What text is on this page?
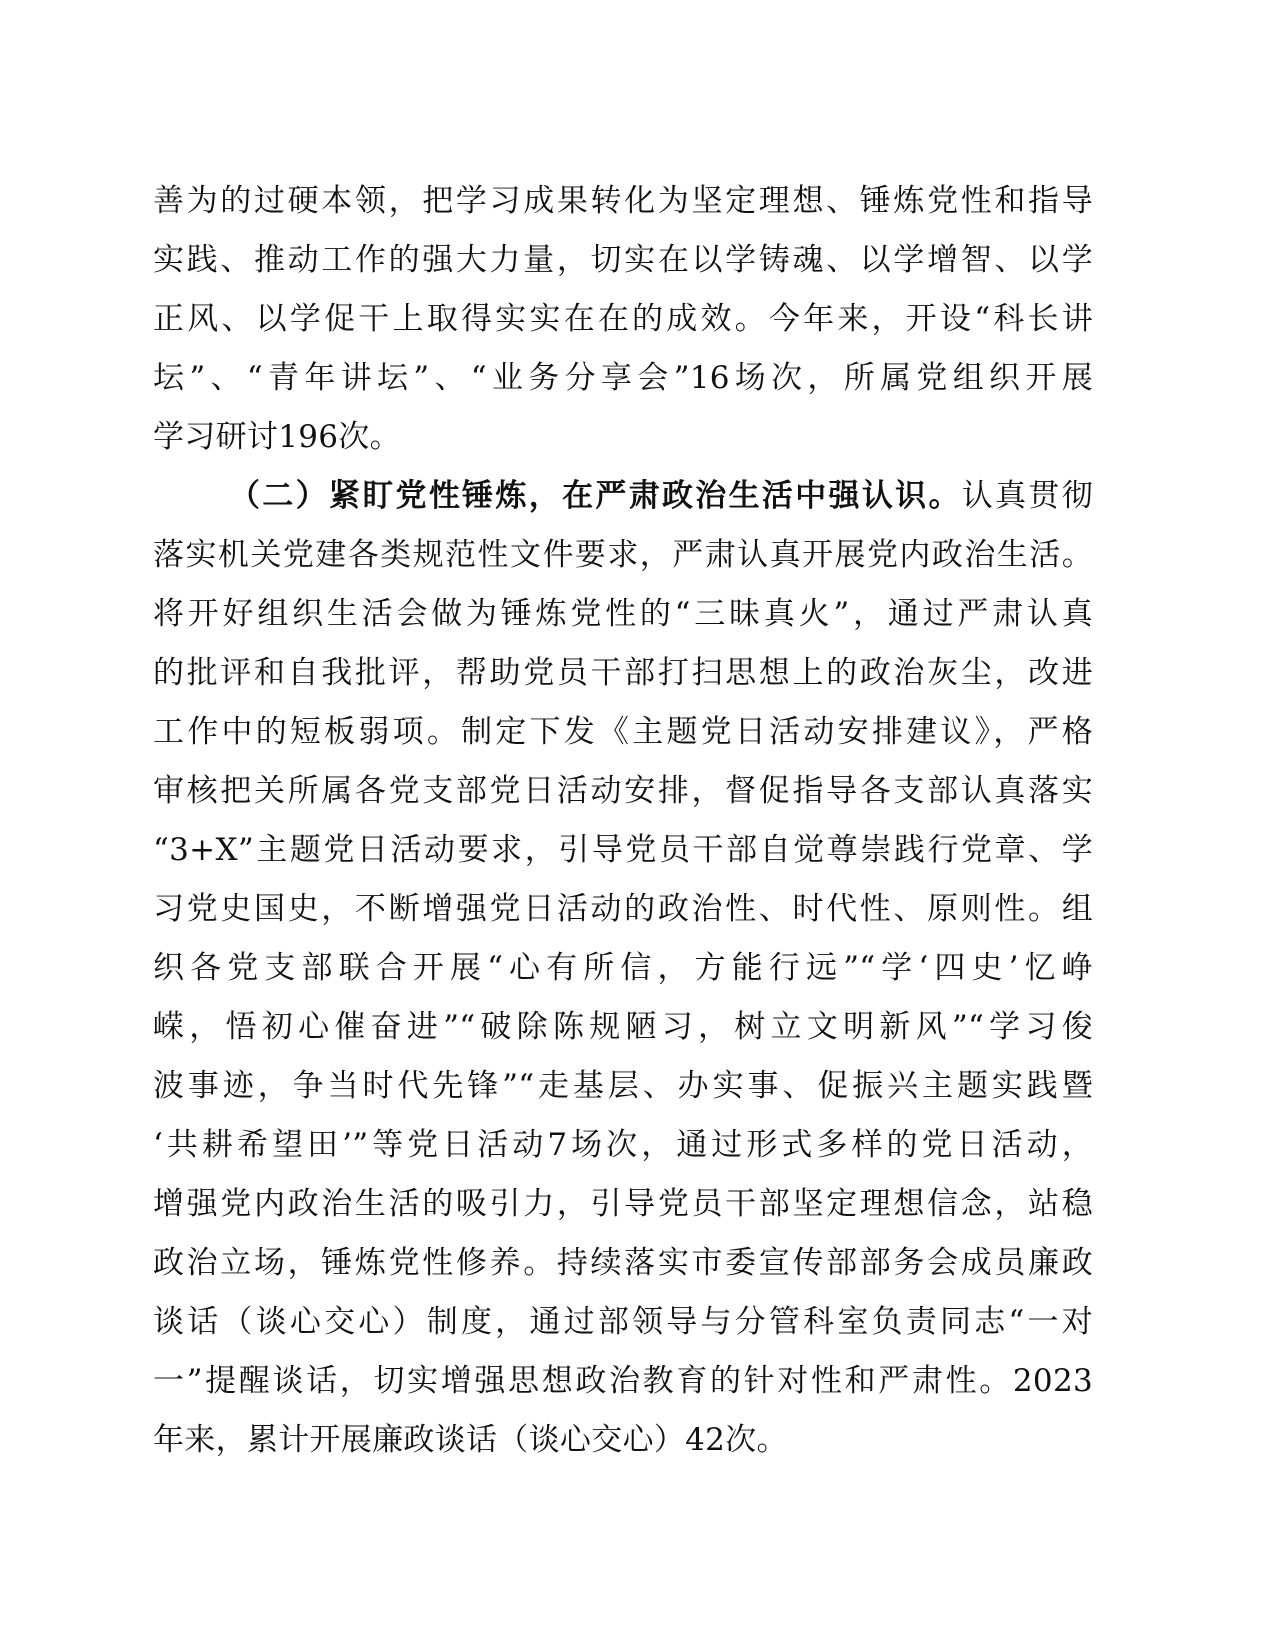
善为的过硬本领，把学习成果转化为坚定理想、锤炼党性和指导
实践、推动工作的强大力量，切实在以学铸魂、以学增智、以学
正风、以学促干上取得实实在在的成效。今年来，开设“科长讲
坛”、“青年讲坛”、“业务分享会”16场次，所属党组织开展
学习研讨196次。
（二）紧盯党性锤炼，在严肃政治生活中强认识。认真贯彻
落实机关党建各类规范性文件要求，严肃认真开展党内政治生活。
将开好组织生活会做为锤炼党性的“三昧真火”，通过严肃认真
的批评和自我批评，帮助党员干部打扫思想上的政治灰尘，改进
工作中的短板弱项。制定下发《主题党日活动安排建议》，严格
审核把关所属各党支部党日活动安排，督促指导各支部认真落实
“3+X”主题党日活动要求，引导党员干部自觉尊崇践行党章、学
习党史国史，不断增强党日活动的政治性、时代性、原则性。组
织各党支部联合开展“心有所信，方能行远”“学‘四史’忆峥
嵘，悟初心催奋进”“破除陈规陋习，树立文明新风”“学习俊
波事迹，争当时代先锋”“走基层、办实事、促振兴主题实践暨
‘共耕希望田’”等党日活动7场次，通过形式多样的党日活动，
增强党内政治生活的吸引力，引导党员干部坚定理想信念，站稳
政治立场，锤炼党性修养。持续落实市委宣传部部务会成员廉政
谈话（谈心交心）制度，通过部领导与分管科室负责同志“一对
一”提醒谈话，切实增强思想政治教育的针对性和严肃性。2023
年来，累计开展廉政谈话（谈心交心）42次。
